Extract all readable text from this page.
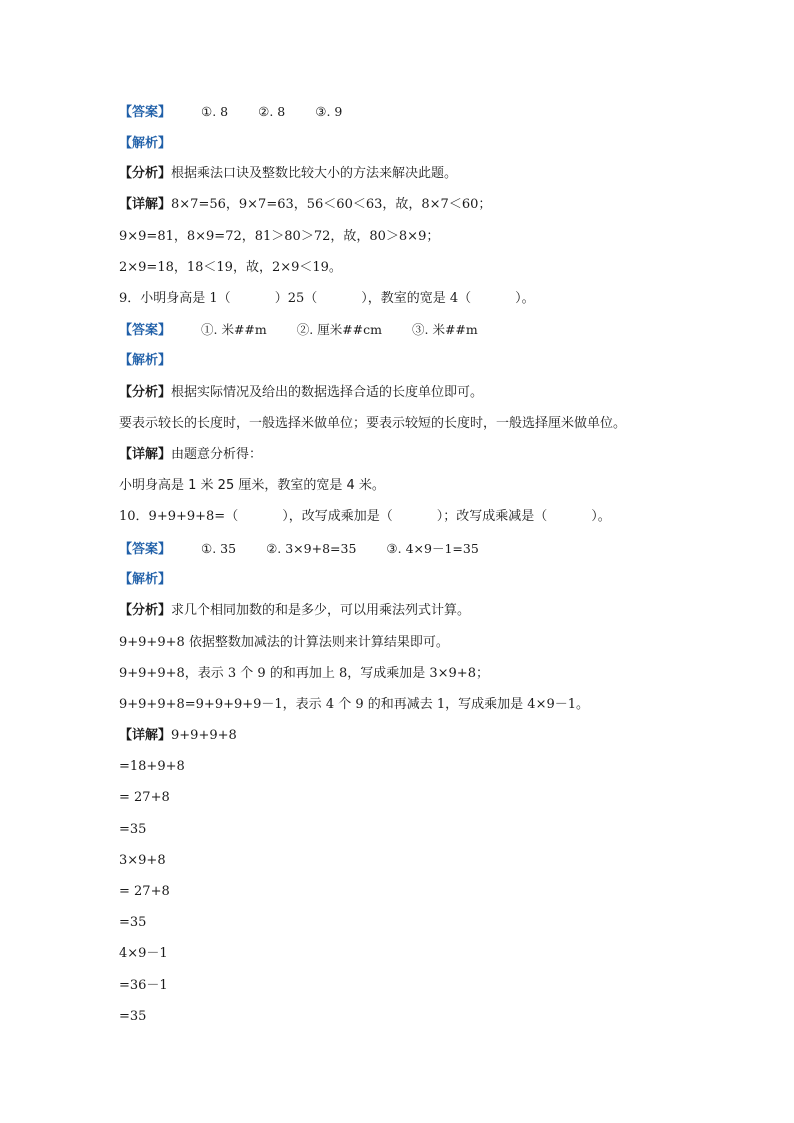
【答案】 ①. 8 ②. 8 ③. 9
【解析】
【分析】根据乘法口诀及整数比较大小的方法来解决此题。
【详解】8×7=56，9×7=63，56＜60＜63，故，8×7＜60；
9×9=81，8×9=72，81＞80＞72，故，80＞8×9；
2×9=18，18＜19，故，2×9＜19。
9．小明身高是 1（	）25（	），教室的宽是 4（	）。
【答案】 ①. 米##m ②. 厘米##cm ③. 米##m
【解析】
【分析】根据实际情况及给出的数据选择合适的长度单位即可。
要表示较长的长度时，一般选择米做单位；要表示较短的长度时，一般选择厘米做单位。
【详解】由题意分析得：
小明身高是 1 米 25 厘米，教室的宽是 4 米。
10．9+9+9+8=（	），改写成乘加是（	）；改写成乘减是（	）。
【答案】 ①. 35 ②. 3×9+8=35 ③. 4×9－1=35
【解析】
【分析】求几个相同加数的和是多少，可以用乘法列式计算。
9+9+9+8 依据整数加减法的计算法则来计算结果即可。
9+9+9+8，表示 3 个 9 的和再加上 8，写成乘加是 3×9+8；
9+9+9+8=9+9+9+9－1，表示 4 个 9 的和再减去 1，写成乘加是 4×9－1。
【详解】9+9+9+8
=18+9+8
= 27+8
=35
3×9+8
= 27+8
=35
4×9－1
=36－1
=35
